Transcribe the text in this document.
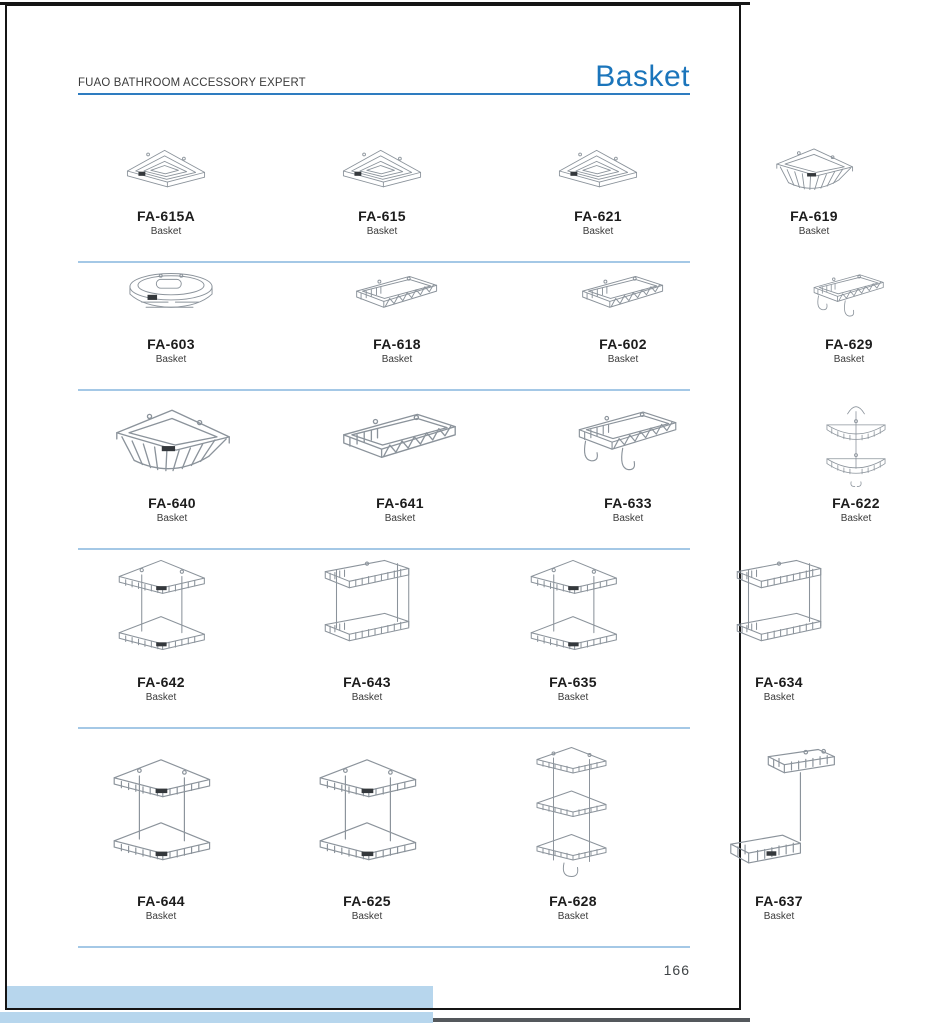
FUAO BATHROOM ACCESSORY EXPERT	Basket
FA-615A
Basket
FA-615
Basket
FA-621
Basket
FA-619
Basket
FA-603
Basket
FA-618
Basket
FA-602
Basket
FA-629
Basket
FA-640
Basket
FA-641
Basket
FA-633
Basket
FA-622
Basket
FA-642
Basket
FA-643
Basket
FA-635
Basket
FA-634
Basket
FA-644
Basket
FA-625
Basket
FA-628
Basket
FA-637
Basket
166
